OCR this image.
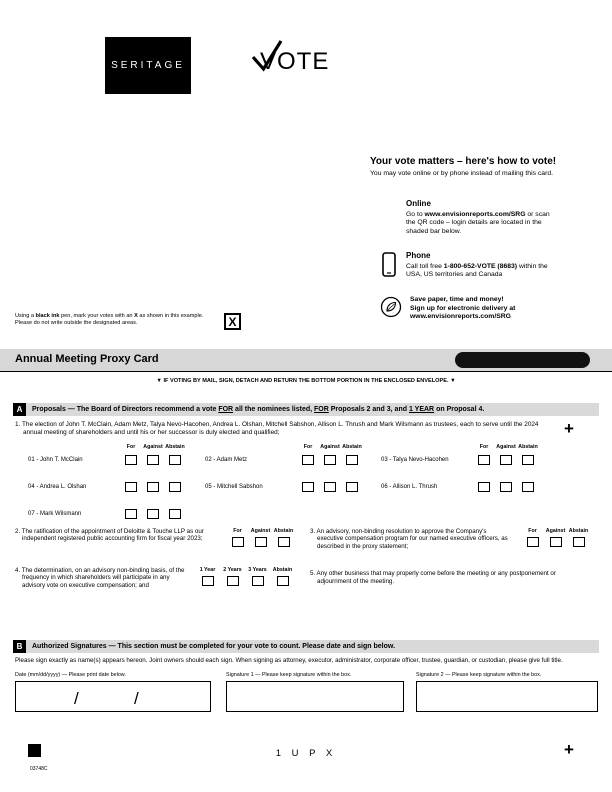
SERITAGE	VOTE
Your vote matters – here's how to vote!
You may vote online or by phone instead of mailing this card.
Online
Go to www.envisionreports.com/SRG or scan the QR code – login details are located in the shaded bar below.
Phone
Call toll free 1-800-652-VOTE (8683) within the USA, US territories and Canada
Save paper, time and money!
Sign up for electronic delivery at
www.envisionreports.com/SRG
Using a black ink pen, mark your votes with an X as shown in this example.
Please do not write outside the designated areas.	X
Annual Meeting Proxy Card
▼ IF VOTING BY MAIL, SIGN, DETACH AND RETURN THE BOTTOM PORTION IN THE ENCLOSED ENVELOPE. ▼
A	Proposals — The Board of Directors recommend a vote FOR all the nominees listed, FOR Proposals 2 and 3, and 1 YEAR on Proposal 4.
1. The election of John T. McClain, Adam Metz, Talya Nevo-Hacohen, Andrea L. Olshan, Mitchell Sabshon, Allison L. Thrush and Mark Wilsmann as trustees, each to serve until the 2024 annual meeting of shareholders and until his or her successor is duly elected and qualified;	+
For	Against Abstain
01 - John T. McClain
04 - Andrea L. Olshan
07 - Mark Wilsmann
For	Against Abstain
02 - Adam Metz
05 - Mitchell Sabshon
For	Against Abstain
03 - Talya Nevo-Hacohen
06 - Allison L. Thrush
2. The ratification of the appointment of Deloitte & Touche LLP as our independent registered public accounting firm for fiscal year 2023;
For	Against Abstain
4. The determination, on an advisory non-binding basis, of the frequency in which shareholders will participate in any advisory vote on executive compensation; and
1 Year	2 Years	3 Years	Abstain
3. An advisory, non-binding resolution to approve the Company's executive compensation program for our named executive officers, as described in the proxy statement;
For	Against Abstain
5. Any other business that may properly come before the meeting or any postponement or adjournment of the meeting.
B	Authorized Signatures — This section must be completed for your vote to count. Please date and sign below.
Please sign exactly as name(s) appears hereon. Joint owners should each sign. When signing as attorney, executor, administrator, corporate officer, trustee, guardian, or custodian, please give full title.
Date (mm/dd/yyyy) — Please print date below.
/	/
Signature 1 — Please keep signature within the box.	Signature 2 — Please keep signature within the box.
1 U P X	+
03748C
